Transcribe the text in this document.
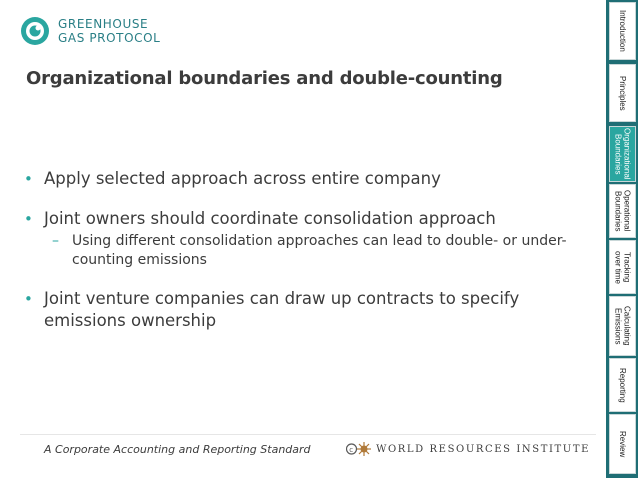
GREENHOUSE
GAS PROTOCOL
Organizational boundaries and double-counting
• Apply selected approach across entire company
• Joint owners should coordinate consolidation approach
– Using different consolidation approaches can lead to double- or under-counting emissions
• Joint venture companies can draw up contracts to specify emissions ownership
A Corporate Accounting and Reporting Standard	c WORLD RESOURCES INSTITUTE
Introduction
Principles
Organizational
Boundaries
Operational
Boundaries
Tracking
over time
Calculating
Emissions
Reporting
Review
